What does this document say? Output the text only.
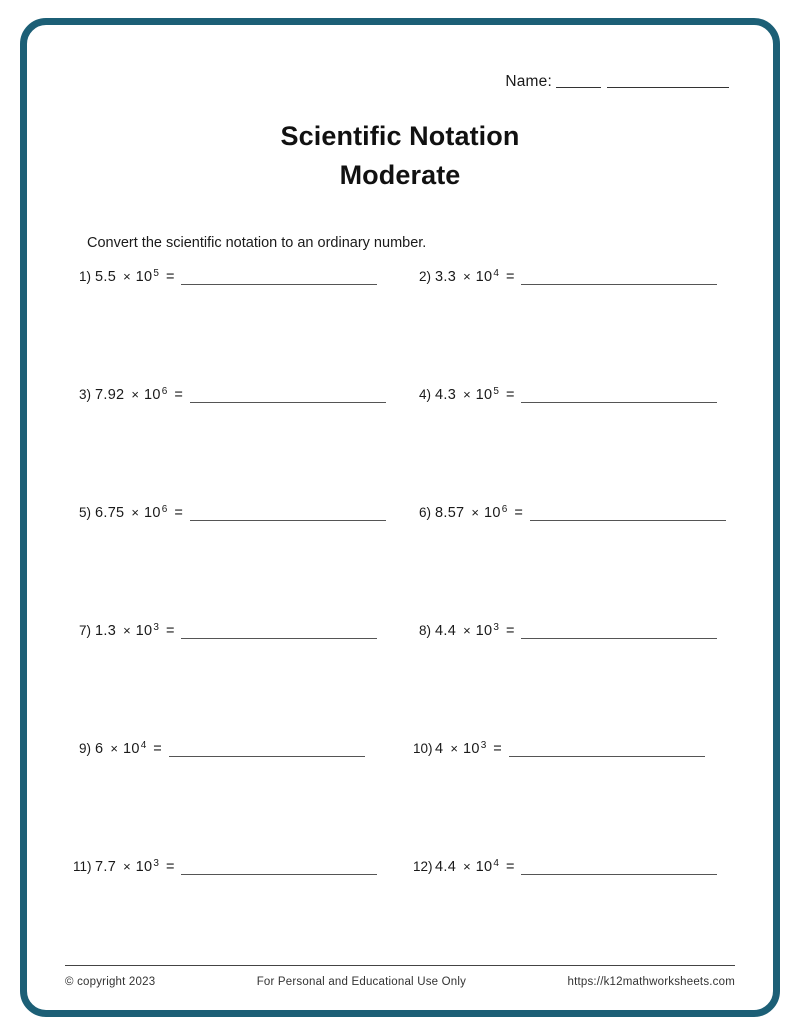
Name:
Scientific Notation
Moderate
Convert the scientific notation to an ordinary number.
1) 5.5 × 10 5 =	2) 3.3 × 10 4 =
3) 7.92 × 10 6 =	4) 4.3 × 10 5 =
5) 6.75 × 10 6 =	6) 8.57 × 10 6 =
7) 1.3 × 10 3 =	8) 4.4 × 10 3 =
9) 6 × 10 4 =	10) 4 × 10 3 =
11) 7.7 × 10 3 =	12) 4.4 × 10 4 =
© copyright 2023	For Personal and Educational Use Only	https://k12mathworksheets.com
